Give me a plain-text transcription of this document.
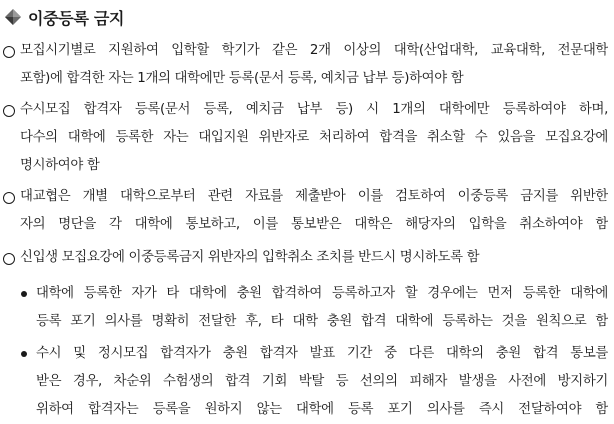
이중등록 금지
모집시기별로 지원하여 입학할 학기가 같은 2개 이상의 대학(산업대학, 교육대학, 전문대학
포함)에 합격한 자는 1개의 대학에만 등록(문서 등록, 예치금 납부 등)하여야 함
수시모집 합격자 등록(문서 등록, 예치금 납부 등) 시 1개의 대학에만 등록하여야 하며,
다수의 대학에 등록한 자는 대입지원 위반자로 처리하여 합격을 취소할 수 있음을 모집요강에
명시하여야 함
대교협은 개별 대학으로부터 관련 자료를 제출받아 이를 검토하여 이중등록 금지를 위반한
자의 명단을 각 대학에 통보하고, 이를 통보받은 대학은 해당자의 입학을 취소하여야 함
신입생 모집요강에 이중등록금지 위반자의 입학취소 조치를 반드시 명시하도록 함
대학에 등록한 자가 타 대학에 충원 합격하여 등록하고자 할 경우에는 먼저 등록한 대학에
등록 포기 의사를 명확히 전달한 후, 타 대학 충원 합격 대학에 등록하는 것을 원칙으로 함
수시 및 정시모집 합격자가 충원 합격자 발표 기간 중 다른 대학의 충원 합격 통보를
받은 경우, 차순위 수험생의 합격 기회 박탈 등 선의의 피해자 발생을 사전에 방지하기
위하여 합격자는 등록을 원하지 않는 대학에 등록 포기 의사를 즉시 전달하여야 함
